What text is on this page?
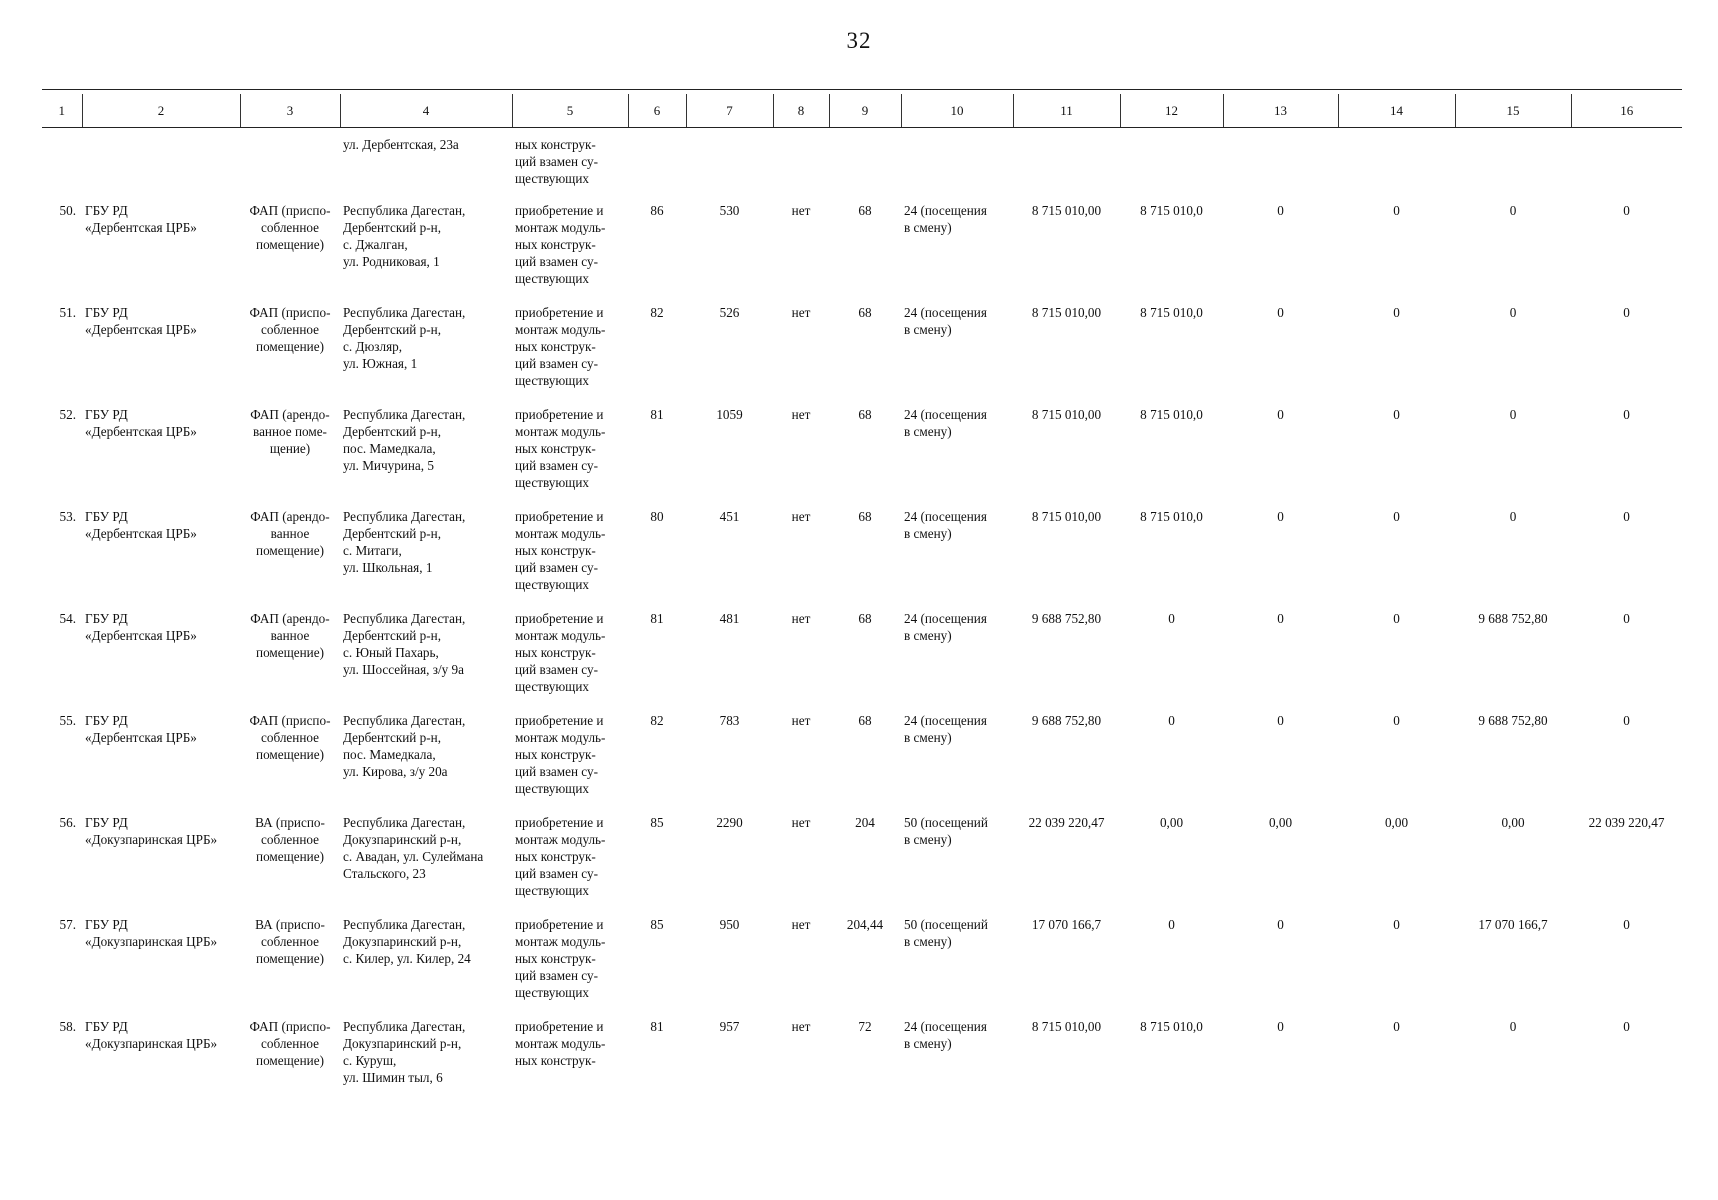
32
1	2	3	4	5	6	7	8	9	10	11	12	13	14	15	16

			ул. Дербентская, 23а	ных конструк-
ций взамен су-
ществующих											

50.	ГБУ РД
«Дербентская ЦРБ»	ФАП (приспо-
собленное
помещение)	Республика Дагестан,
Дербентский р-н,
с. Джалган,
ул. Родниковая, 1	приобретение и
монтаж модуль-
ных конструк-
ций взамен су-
ществующих	86	530	нет	68	24 (посещения
в смену)	8 715 010,00	8 715 010,0	0	0	0	0
51.	ГБУ РД
«Дербентская ЦРБ»	ФАП (приспо-
собленное
помещение)	Республика Дагестан,
Дербентский р-н,
с. Дюзляр,
ул. Южная, 1	приобретение и
монтаж модуль-
ных конструк-
ций взамен су-
ществующих	82	526	нет	68	24 (посещения
в смену)	8 715 010,00	8 715 010,0	0	0	0	0
52.	ГБУ РД
«Дербентская ЦРБ»	ФАП (арендо-
ванное поме-
щение)	Республика Дагестан,
Дербентский р-н,
пос. Мамедкала,
ул. Мичурина, 5	приобретение и
монтаж модуль-
ных конструк-
ций взамен су-
ществующих	81	1059	нет	68	24 (посещения
в смену)	8 715 010,00	8 715 010,0	0	0	0	0
53.	ГБУ РД
«Дербентская ЦРБ»	ФАП (арендо-
ванное
помещение)	Республика Дагестан,
Дербентский р-н,
с. Митаги,
ул. Школьная, 1	приобретение и
монтаж модуль-
ных конструк-
ций взамен су-
ществующих	80	451	нет	68	24 (посещения
в смену)	8 715 010,00	8 715 010,0	0	0	0	0
54.	ГБУ РД
«Дербентская ЦРБ»	ФАП (арендо-
ванное
помещение)	Республика Дагестан,
Дербентский р-н,
с. Юный Пахарь,
ул. Шоссейная, з/у 9а	приобретение и
монтаж модуль-
ных конструк-
ций взамен су-
ществующих	81	481	нет	68	24 (посещения
в смену)	9 688 752,80	0	0	0	9 688 752,80	0
55.	ГБУ РД
«Дербентская ЦРБ»	ФАП (приспо-
собленное
помещение)	Республика Дагестан,
Дербентский р-н,
пос. Мамедкала,
ул. Кирова, з/у 20а	приобретение и
монтаж модуль-
ных конструк-
ций взамен су-
ществующих	82	783	нет	68	24 (посещения
в смену)	9 688 752,80	0	0	0	9 688 752,80	0
56.	ГБУ РД
«Докузпаринская ЦРБ»	ВА (приспо-
собленное
помещение)	Республика Дагестан,
Докузпаринский р-н,
с. Авадан, ул. Сулеймана
Стальского, 23	приобретение и
монтаж модуль-
ных конструк-
ций взамен су-
ществующих	85	2290	нет	204	50 (посещений
в смену)	22 039 220,47	0,00	0,00	0,00	0,00	22 039 220,47
57.	ГБУ РД
«Докузпаринская ЦРБ»	ВА (приспо-
собленное
помещение)	Республика Дагестан,
Докузпаринский р-н,
с. Килер, ул. Килер, 24	приобретение и
монтаж модуль-
ных конструк-
ций взамен су-
ществующих	85	950	нет	204,44	50 (посещений
в смену)	17 070 166,7	0	0	0	17 070 166,7	0
58.	ГБУ РД
«Докузпаринская ЦРБ»	ФАП (приспо-
собленное
помещение)	Республика Дагестан,
Докузпаринский р-н,
с. Куруш,
ул. Шимин тыл, 6	приобретение и
монтаж модуль-
ных конструк-	81	957	нет	72	24 (посещения
в смену)	8 715 010,00	8 715 010,0	0	0	0	0
